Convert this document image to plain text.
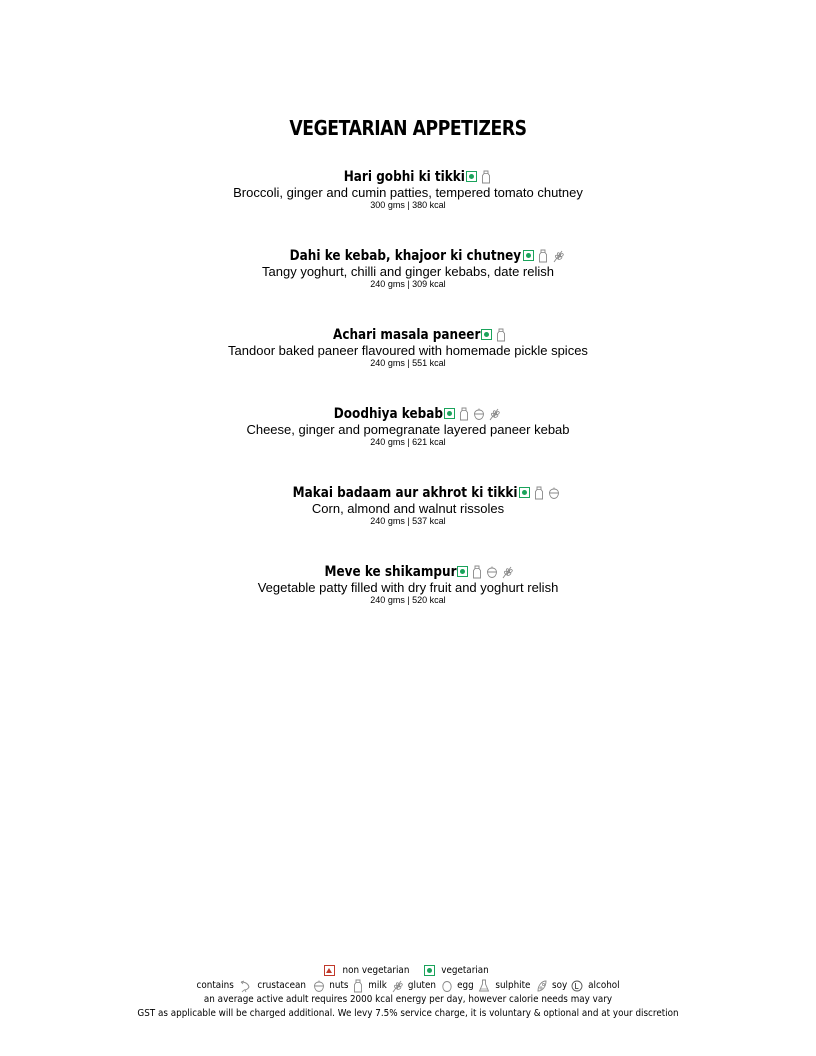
VEGETARIAN APPETIZERS
Hari gobhi ki tikki
Broccoli, ginger and cumin patties, tempered tomato chutney
300 gms | 380 kcal
Dahi ke kebab, khajoor ki chutney
Tangy yoghurt, chilli and ginger kebabs, date relish
240 gms | 309 kcal
Achari masala paneer
Tandoor baked paneer flavoured with homemade pickle spices
240 gms | 551 kcal
Doodhiya kebab
Cheese, ginger and pomegranate layered paneer kebab
240 gms | 621 kcal
Makai badaam aur akhrot ki tikki
Corn, almond and walnut rissoles
240 gms | 537 kcal
Meve ke shikampur
Vegetable patty filled with dry fruit and yoghurt relish
240 gms | 520 kcal
non vegetarian	vegetarian
contains crustacean nuts milk gluten egg sulphite soy alcohol
an average active adult requires 2000 kcal energy per day, however calorie needs may vary
GST as applicable will be charged additional. We levy 7.5% service charge, it is voluntary & optional and at your discretion
